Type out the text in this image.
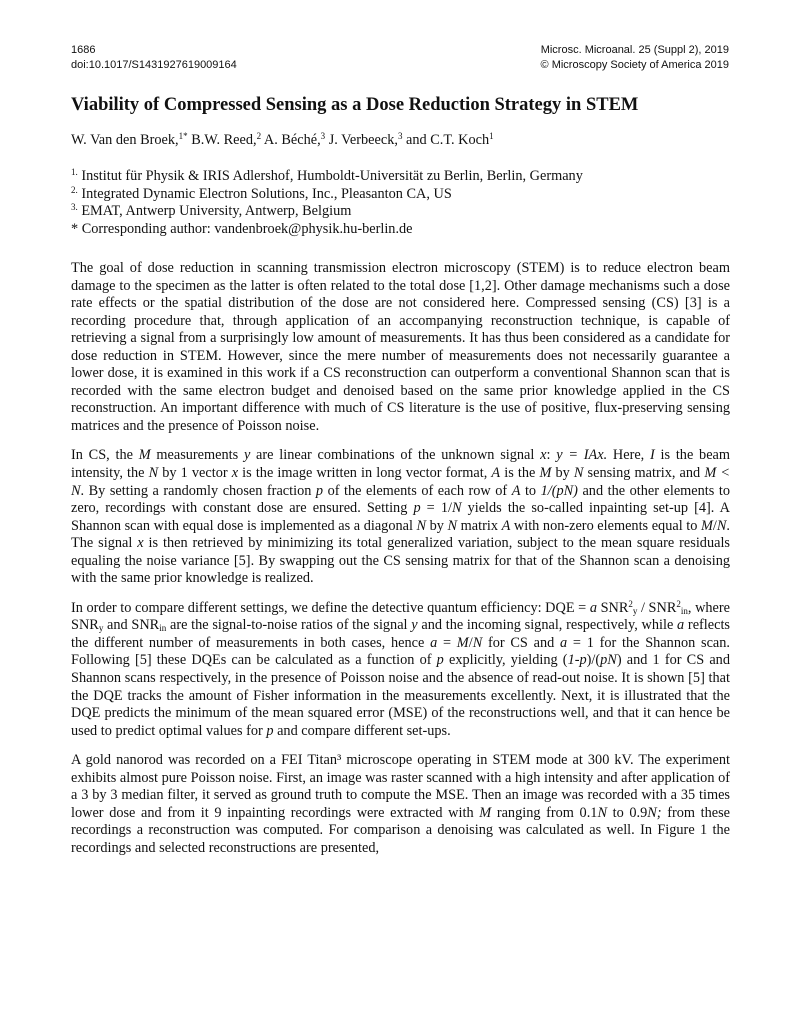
1686
doi:10.1017/S1431927619009164
Microsc. Microanal. 25 (Suppl 2), 2019
© Microscopy Society of America 2019
Viability of Compressed Sensing as a Dose Reduction Strategy in STEM
W. Van den Broek,$^{1*}$ B.W. Reed,$^2$ A. Béché,$^3$ J. Verbeeck,$^3$ and C.T. Koch$^1$
$^{1.}$ Institut für Physik & IRIS Adlershof, Humboldt-Universität zu Berlin, Berlin, Germany
$^{2.}$ Integrated Dynamic Electron Solutions, Inc., Pleasanton CA, US
$^{3.}$ EMAT, Antwerp University, Antwerp, Belgium
* Corresponding author: vandenbroek@physik.hu-berlin.de

The goal of dose reduction in scanning transmission electron microscopy (STEM) is to reduce electron beam damage to the specimen as the latter is often related to the total dose [1,2]. Other damage mechanisms such a dose rate effects or the spatial distribution of the dose are not considered here. Compressed sensing (CS) [3] is a recording procedure that, through application of an accompanying reconstruction technique, is capable of retrieving a signal from a surprisingly low amount of measurements. It has thus been considered as a candidate for dose reduction in STEM. However, since the mere number of measurements does not necessarily guarantee a lower dose, it is examined in this work if a CS reconstruction can outperform a conventional Shannon scan that is recorded with the same electron budget and denoised based on the same prior knowledge applied in the CS reconstruction. An important difference with much of CS literature is the use of positive, flux-preserving sensing matrices and the presence of Poisson noise.

In CS, the M measurements y are linear combinations of the unknown signal x: y = IAx. Here, I is the beam intensity, the N by 1 vector x is the image written in long vector format, A is the M by N sensing matrix, and M < N. By setting a randomly chosen fraction p of the elements of each row of A to 1/(pN) and the other elements to zero, recordings with constant dose are ensured. Setting p = 1/N yields the so-called inpainting set-up [4]. A Shannon scan with equal dose is implemented as a diagonal N by N matrix A with non-zero elements equal to M/N. The signal x is then retrieved by minimizing its total generalized variation, subject to the mean square residuals equaling the noise variance [5]. By swapping out the CS sensing matrix for that of the Shannon scan a denoising with the same prior knowledge is realized.

In order to compare different settings, we define the detective quantum efficiency: DQE = a $SNR^2_y / SNR^2_{in}$, where $SNR_y$ and $SNR_{in}$ are the signal-to-noise ratios of the signal y and the incoming signal, respectively, while a reflects the different number of measurements in both cases, hence a = M/N for CS and a = 1 for the Shannon scan. Following [5] these DQEs can be calculated as a function of p explicitly, yielding (1-p)/(pN) and 1 for CS and Shannon scans respectively, in the presence of Poisson noise and the absence of read-out noise. It is shown [5] that the DQE tracks the amount of Fisher information in the measurements excellently. Next, it is illustrated that the DQE predicts the minimum of the mean squared error (MSE) of the reconstructions well, and that it can hence be used to predict optimal values for p and compare different set-ups.

A gold nanorod was recorded on a FEI Titan³ microscope operating in STEM mode at 300 kV. The experiment exhibits almost pure Poisson noise. First, an image was raster scanned with a high intensity and after application of a 3 by 3 median filter, it served as ground truth to compute the MSE. Then an image was recorded with a 35 times lower dose and from it 9 inpainting recordings were extracted with M ranging from 0.1N to 0.9N; from these recordings a reconstruction was computed. For comparison a denoising was calculated as well. In Figure 1 the recordings and selected reconstructions are presented,
